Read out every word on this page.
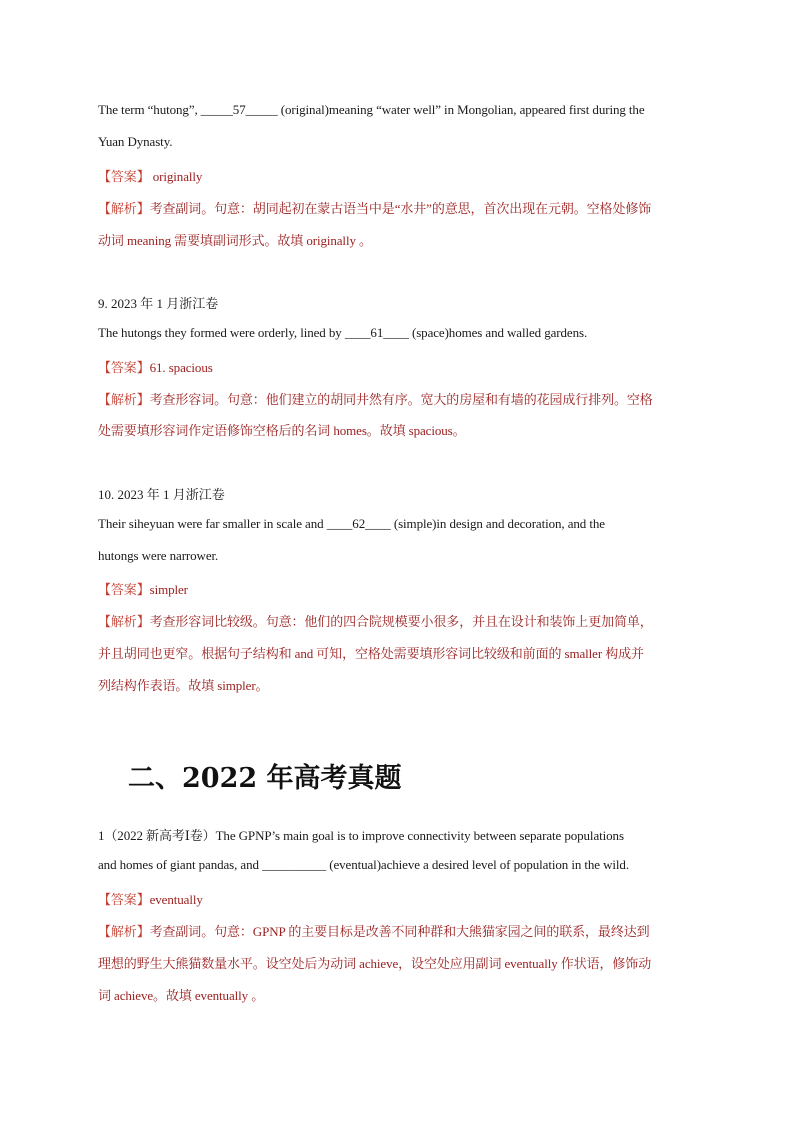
The term “hutong”, _____57_____ (original)meaning “water well” in Mongolian, appeared first during the
Yuan Dynasty.
【答案】 originally
【解析】考查副词。句意：胡同起初在蒙古语当中是“水井”的意思，首次出现在元朝。空格处修饰
动词 meaning 需要填副词形式。故填 originally 。
9. 2023 年 1 月浙江卷
The hutongs they formed were orderly, lined by ____61____ (space)homes and walled gardens.
【答案】61. spacious
【解析】考查形容词。句意：他们建立的胡同井然有序。宽大的房屋和有墙的花园成行排列。空格
处需要填形容词作定语修饰空格后的名词 homes。故填 spacious。
10. 2023 年 1 月浙江卷
Their siheyuan were far smaller in scale and ____62____ (simple)in design and decoration, and the
hutongs were narrower.
【答案】simpler
【解析】考查形容词比较级。句意：他们的四合院规模要小很多，并且在设计和装饰上更加简单，
并且胡同也更窄。根据句子结构和 and 可知，空格处需要填形容词比较级和前面的 smaller 构成并
列结构作表语。故填 simpler。
二、2022 年高考真题
1（2022 新高考Ⅰ卷）The GPNP’s main goal is to improve connectivity between separate populations
and homes of giant pandas, and __________ (eventual)achieve a desired level of population in the wild.
【答案】eventually
【解析】考查副词。句意：GPNP 的主要目标是改善不同种群和大熊猫家园之间的联系，最终达到
理想的野生大熊猫数量水平。设空处后为动词 achieve，设空处应用副词 eventually 作状语，修饰动
词 achieve。故填 eventually 。
